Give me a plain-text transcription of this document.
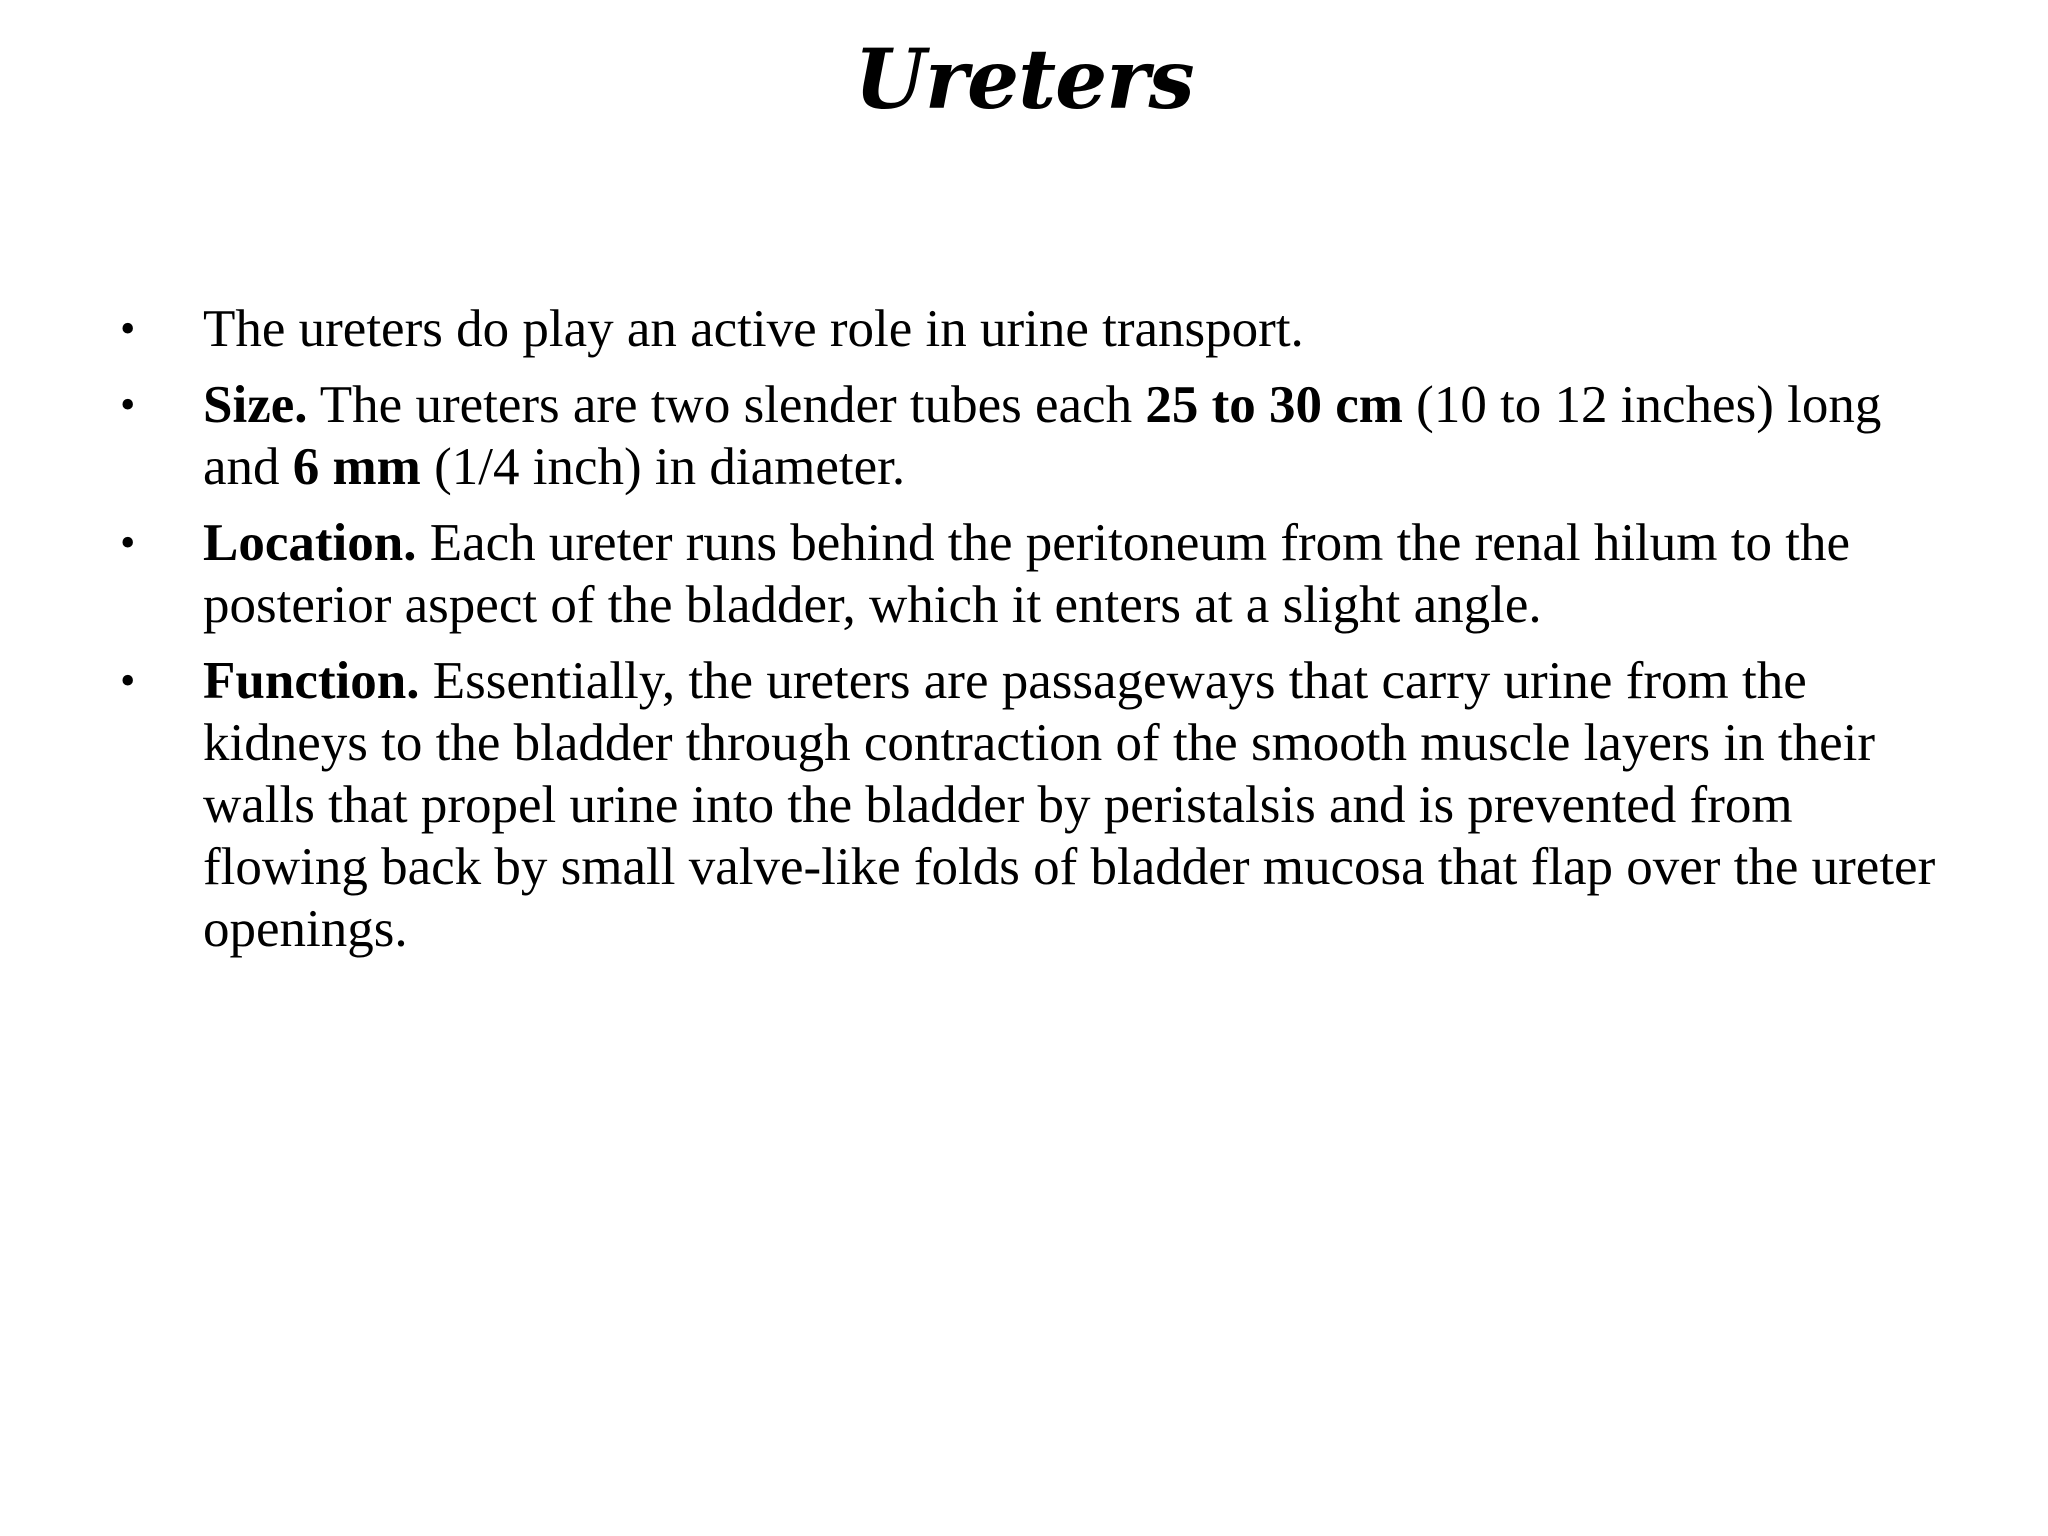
Ureters
•	The ureters do play an active role in urine transport.
•	Size. The ureters are two slender tubes each 25 to 30 cm (10 to 12 inches) long and 6 mm (1/4 inch) in diameter.
•	Location. Each ureter runs behind the peritoneum from the renal hilum to the posterior aspect of the bladder, which it enters at a slight angle.
•	Function. Essentially, the ureters are passageways that carry urine from the kidneys to the bladder through contraction of the smooth muscle layers in their walls that propel urine into the bladder by peristalsis and is prevented from flowing back by small valve-like folds of bladder mucosa that flap over the ureter openings.
